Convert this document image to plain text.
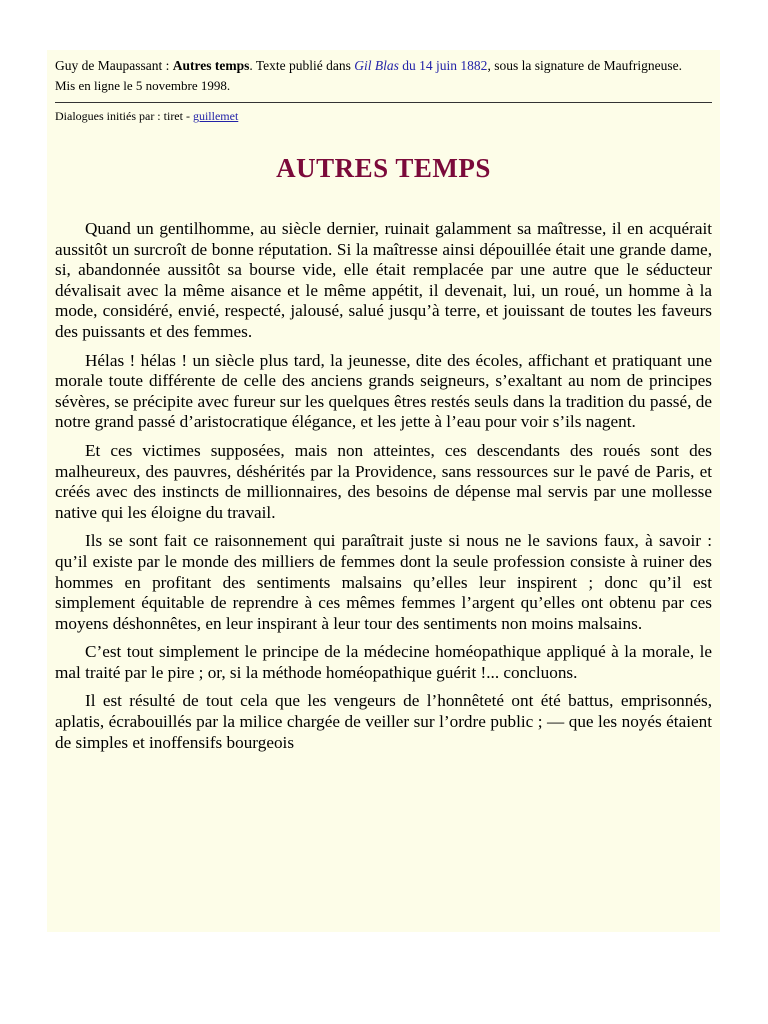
Guy de Maupassant : Autres temps. Texte publié dans Gil Blas du 14 juin 1882, sous la signature de Maufrigneuse.

Mis en ligne le 5 novembre 1998.

Dialogues initiés par : tiret - guillemet
AUTRES TEMPS

Quand un gentilhomme, au siècle dernier, ruinait galamment sa maîtresse, il en acquérait aussitôt un surcroît de bonne réputation. Si la maîtresse ainsi dépouillée était une grande dame, si, abandonnée aussitôt sa bourse vide, elle était remplacée par une autre que le séducteur dévalisait avec la même aisance et le même appétit, il devenait, lui, un roué, un homme à la mode, considéré, envié, respecté, jalousé, salué jusqu’à terre, et jouissant de toutes les faveurs des puissants et des femmes.

Hélas ! hélas ! un siècle plus tard, la jeunesse, dite des écoles, affichant et pratiquant une morale toute différente de celle des anciens grands seigneurs, s’exaltant au nom de principes sévères, se précipite avec fureur sur les quelques êtres restés seuls dans la tradition du passé, de notre grand passé d’aristocratique élégance, et les jette à l’eau pour voir s’ils nagent.

Et ces victimes supposées, mais non atteintes, ces descendants des roués sont des malheureux, des pauvres, déshérités par la Providence, sans ressources sur le pavé de Paris, et créés avec des instincts de millionnaires, des besoins de dépense mal servis par une mollesse native qui les éloigne du travail.

Ils se sont fait ce raisonnement qui paraîtrait juste si nous ne le savions faux, à savoir : qu’il existe par le monde des milliers de femmes dont la seule profession consiste à ruiner des hommes en profitant des sentiments malsains qu’elles leur inspirent ; donc qu’il est simplement équitable de reprendre à ces mêmes femmes l’argent qu’elles ont obtenu par ces moyens déshonnêtes, en leur inspirant à leur tour des sentiments non moins malsains.

C’est tout simplement le principe de la médecine homéopathique appliqué à la morale, le mal traité par le pire ; or, si la méthode homéopathique guérit !... concluons.

Il est résulté de tout cela que les vengeurs de l’honnêteté ont été battus, emprisonnés, aplatis, écrabouillés par la milice chargée de veiller sur l’ordre public ; — que les noyés étaient de simples et inoffensifs bourgeois
